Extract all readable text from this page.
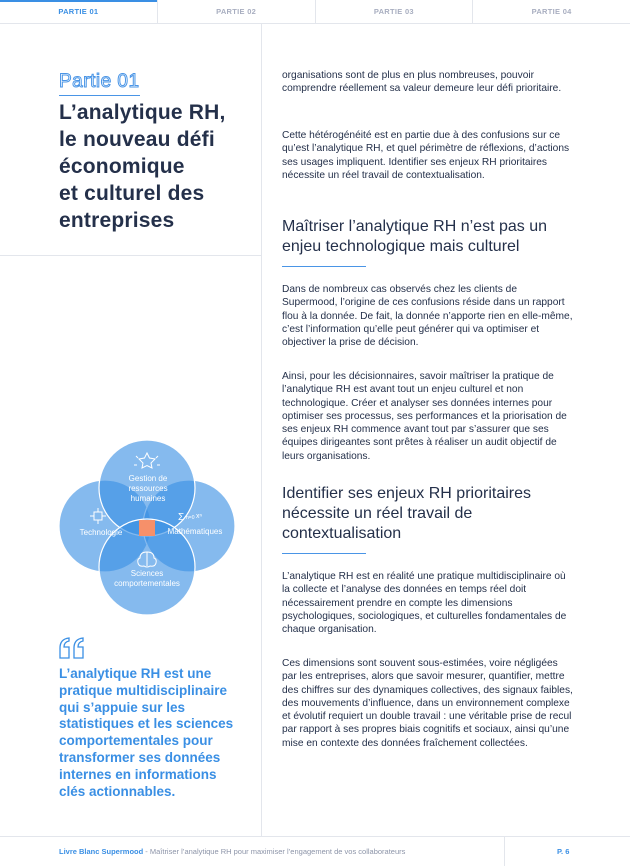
PARTIE 01	PARTIE 02	PARTIE 03	PARTIE 04
Partie 01
L’analytique RH,
le nouveau défi
économique
et culturel des
entreprises
Σ n=0 xⁿ
Gestion de ressources humaines
Technologie	Mathématiques
Sciences comportementales

L’analytique RH est une pratique multidisciplinaire qui s’appuie sur les statistiques et les sciences comportementales pour transformer ses données internes en informations clés actionnables.

organisations sont de plus en plus nombreuses, pouvoir comprendre réellement sa valeur demeure leur défi prioritaire.

Cette hétérogénéité est en partie due à des confusions sur ce qu’est l’analytique RH, et quel périmètre de réflexions, d’actions ses usages impliquent. Identifier ses enjeux RH prioritaires nécessite un réel travail de contextualisation.

Maîtriser l’analytique RH n’est pas un enjeu technologique mais culturel

Dans de nombreux cas observés chez les clients de Supermood, l’origine de ces confusions réside dans un rapport flou à la donnée. De fait, la donnée n’apporte rien en elle-même, c’est l’information qu’elle peut générer qui va optimiser et objectiver la prise de décision.

Ainsi, pour les décisionnaires, savoir maîtriser la pratique de l’analytique RH est avant tout un enjeu culturel et non technologique. Créer et analyser ses données internes pour optimiser ses processus, ses performances et la priorisation de ses enjeux RH commence avant tout par s’assurer que ses équipes dirigeantes sont prêtes à réaliser un audit objectif de leurs organisations.

Identifier ses enjeux RH prioritaires nécessite un réel travail de contextualisation

L’analytique RH est en réalité une pratique multidisciplinaire où la collecte et l’analyse des données en temps réel doit nécessairement prendre en compte les dimensions psychologiques, sociologiques, et culturelles fondamentales de chaque organisation.

Ces dimensions sont souvent sous-estimées, voire négligées par les entreprises, alors que savoir mesurer, quantifier, mettre des chiffres sur des dynamiques collectives, des signaux faibles, des mouvements d’influence, dans un environnement complexe et évolutif requiert un double travail : une véritable prise de recul par rapport à ses propres biais cognitifs et sociaux, ainsi qu’une mise en contexte des données fraîchement collectées.

Livre Blanc Supermood - Maîtriser l’analytique RH pour maximiser l’engagement de vos collaborateurs	P. 6
